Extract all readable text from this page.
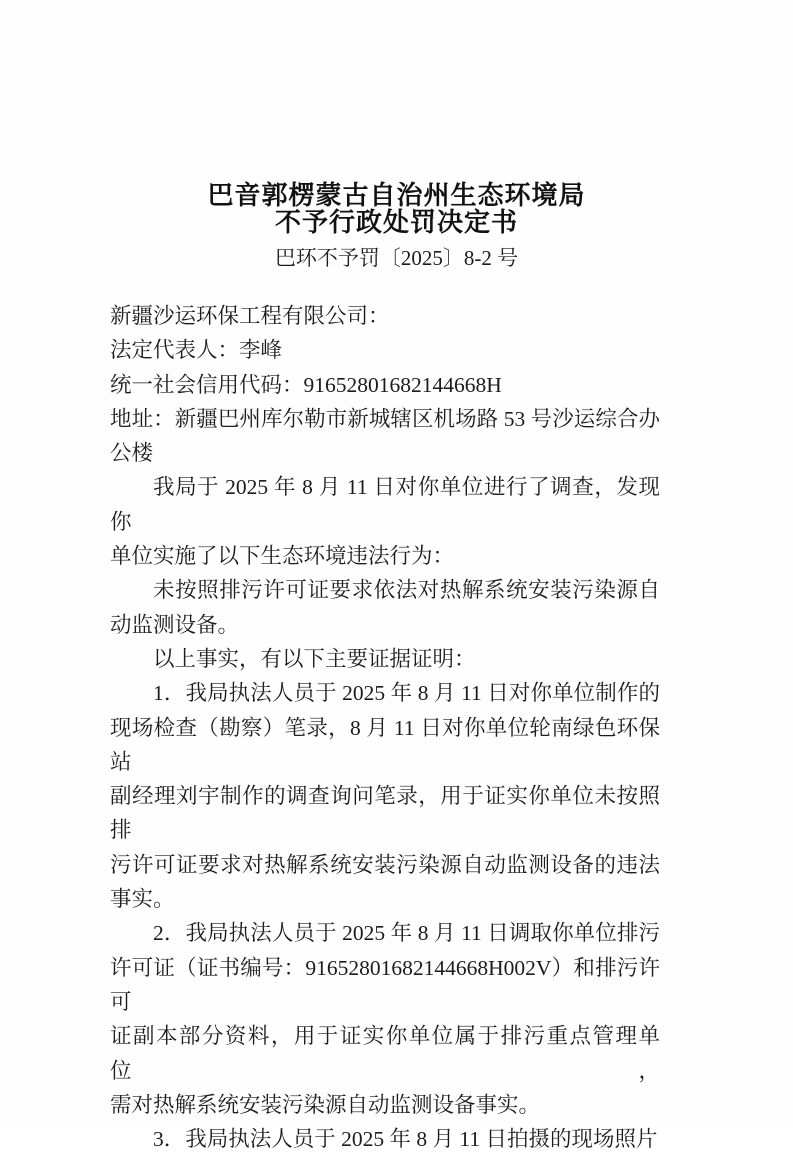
巴音郭楞蒙古自治州生态环境局
不予行政处罚决定书
巴环不予罚〔2025〕8-2 号
新疆沙运环保工程有限公司：
法定代表人：李峰
统一社会信用代码：91652801682144668H
地址：新疆巴州库尔勒市新城辖区机场路 53 号沙运综合办
公楼
我局于 2025 年 8 月 11 日对你单位进行了调查，发现你
单位实施了以下生态环境违法行为：
未按照排污许可证要求依法对热解系统安装污染源自
动监测设备。
以上事实，有以下主要证据证明：
1．我局执法人员于 2025 年 8 月 11 日对你单位制作的
现场检查（勘察）笔录，8 月 11 日对你单位轮南绿色环保站
副经理刘宇制作的调查询问笔录，用于证实你单位未按照排
污许可证要求对热解系统安装污染源自动监测设备的违法
事实。
2．我局执法人员于 2025 年 8 月 11 日调取你单位排污
许可证（证书编号：91652801682144668H002V）和排污许可
证副本部分资料，用于证实你单位属于排污重点管理单位，
需对热解系统安装污染源自动监测设备事实。
3．我局执法人员于 2025 年 8 月 11 日拍摄的现场照片
